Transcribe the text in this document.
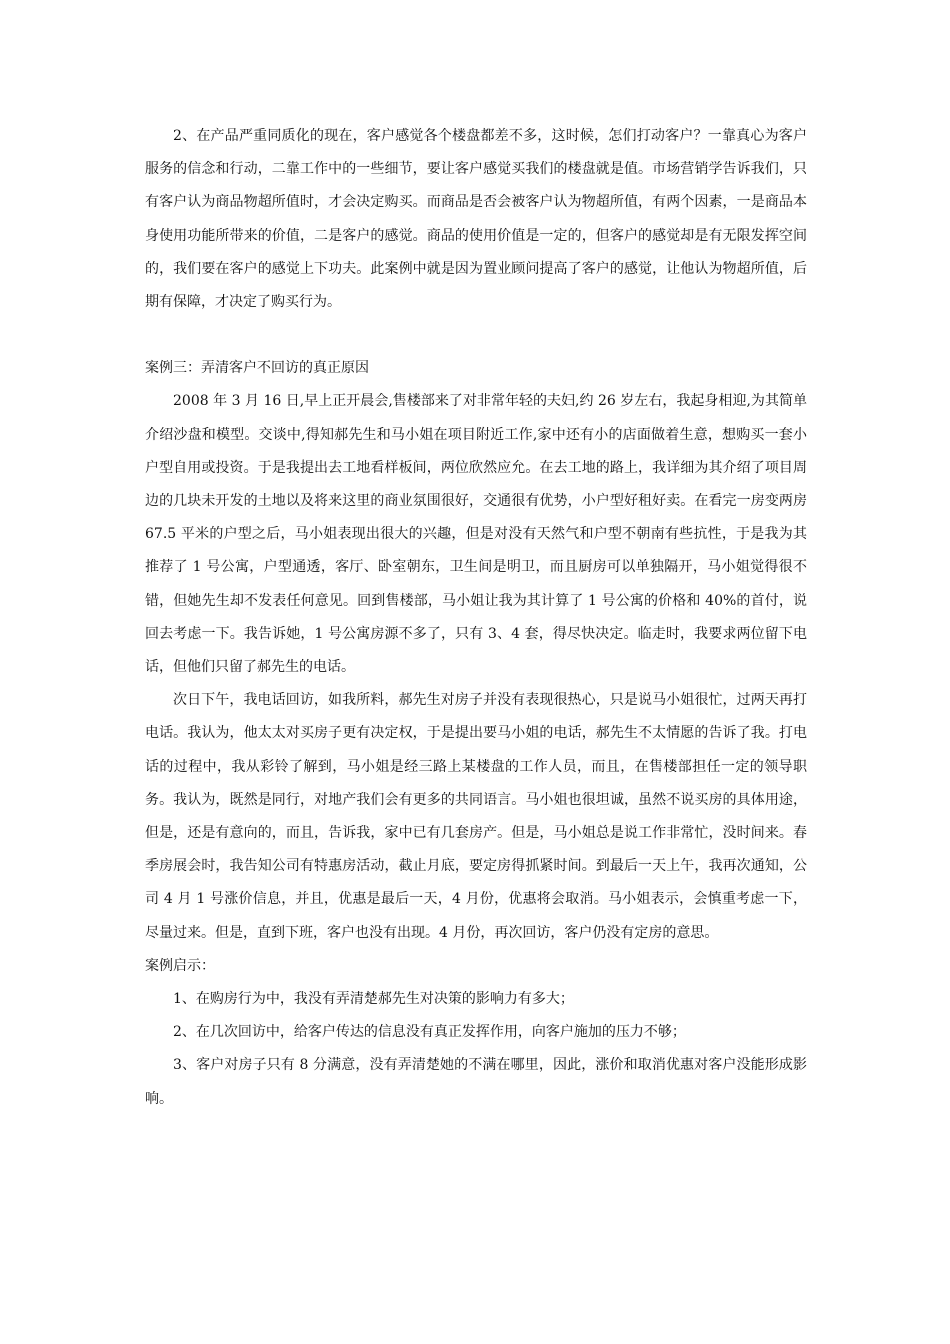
2、在产品严重同质化的现在，客户感觉各个楼盘都差不多，这时候，怎们打动客户？一靠真心为客户服务的信念和行动，二靠工作中的一些细节，要让客户感觉买我们的楼盘就是值。市场营销学告诉我们，只有客户认为商品物超所值时，才会决定购买。而商品是否会被客户认为物超所值，有两个因素，一是商品本身使用功能所带来的价值，二是客户的感觉。商品的使用价值是一定的，但客户的感觉却是有无限发挥空间的，我们要在客户的感觉上下功夫。此案例中就是因为置业顾问提高了客户的感觉，让他认为物超所值，后期有保障，才决定了购买行为。

案例三：弄清客户不回访的真正原因

2008 年 3 月 16 日,早上正开晨会,售楼部来了对非常年轻的夫妇,约 26 岁左右，我起身相迎,为其简单介绍沙盘和模型。交谈中,得知郝先生和马小姐在项目附近工作,家中还有小的店面做着生意，想购买一套小户型自用或投资。于是我提出去工地看样板间，两位欣然应允。在去工地的路上，我详细为其介绍了项目周边的几块未开发的土地以及将来这里的商业氛围很好，交通很有优势，小户型好租好卖。在看完一房变两房 67.5 平米的户型之后，马小姐表现出很大的兴趣，但是对没有天然气和户型不朝南有些抗性，于是我为其推荐了 1 号公寓，户型通透，客厅、卧室朝东，卫生间是明卫，而且厨房可以单独隔开，马小姐觉得很不错，但她先生却不发表任何意见。回到售楼部，马小姐让我为其计算了 1 号公寓的价格和 40%的首付，说回去考虑一下。我告诉她，1 号公寓房源不多了，只有 3、4 套，得尽快决定。临走时，我要求两位留下电话，但他们只留了郝先生的电话。

次日下午，我电话回访，如我所料，郝先生对房子并没有表现很热心，只是说马小姐很忙，过两天再打电话。我认为，他太太对买房子更有决定权，于是提出要马小姐的电话，郝先生不太情愿的告诉了我。打电话的过程中，我从彩铃了解到，马小姐是经三路上某楼盘的工作人员，而且，在售楼部担任一定的领导职务。我认为，既然是同行，对地产我们会有更多的共同语言。马小姐也很坦诚，虽然不说买房的具体用途，但是，还是有意向的，而且，告诉我，家中已有几套房产。但是，马小姐总是说工作非常忙，没时间来。春季房展会时，我告知公司有特惠房活动，截止月底，要定房得抓紧时间。到最后一天上午，我再次通知，公司 4 月 1 号涨价信息，并且，优惠是最后一天，4 月份，优惠将会取消。马小姐表示，会慎重考虑一下，尽量过来。但是，直到下班，客户也没有出现。4 月份，再次回访，客户仍没有定房的意思。

案例启示：

1、在购房行为中，我没有弄清楚郝先生对决策的影响力有多大；

2、在几次回访中，给客户传达的信息没有真正发挥作用，向客户施加的压力不够；

3、客户对房子只有 8 分满意，没有弄清楚她的不满在哪里，因此，涨价和取消优惠对客户没能形成影响。
